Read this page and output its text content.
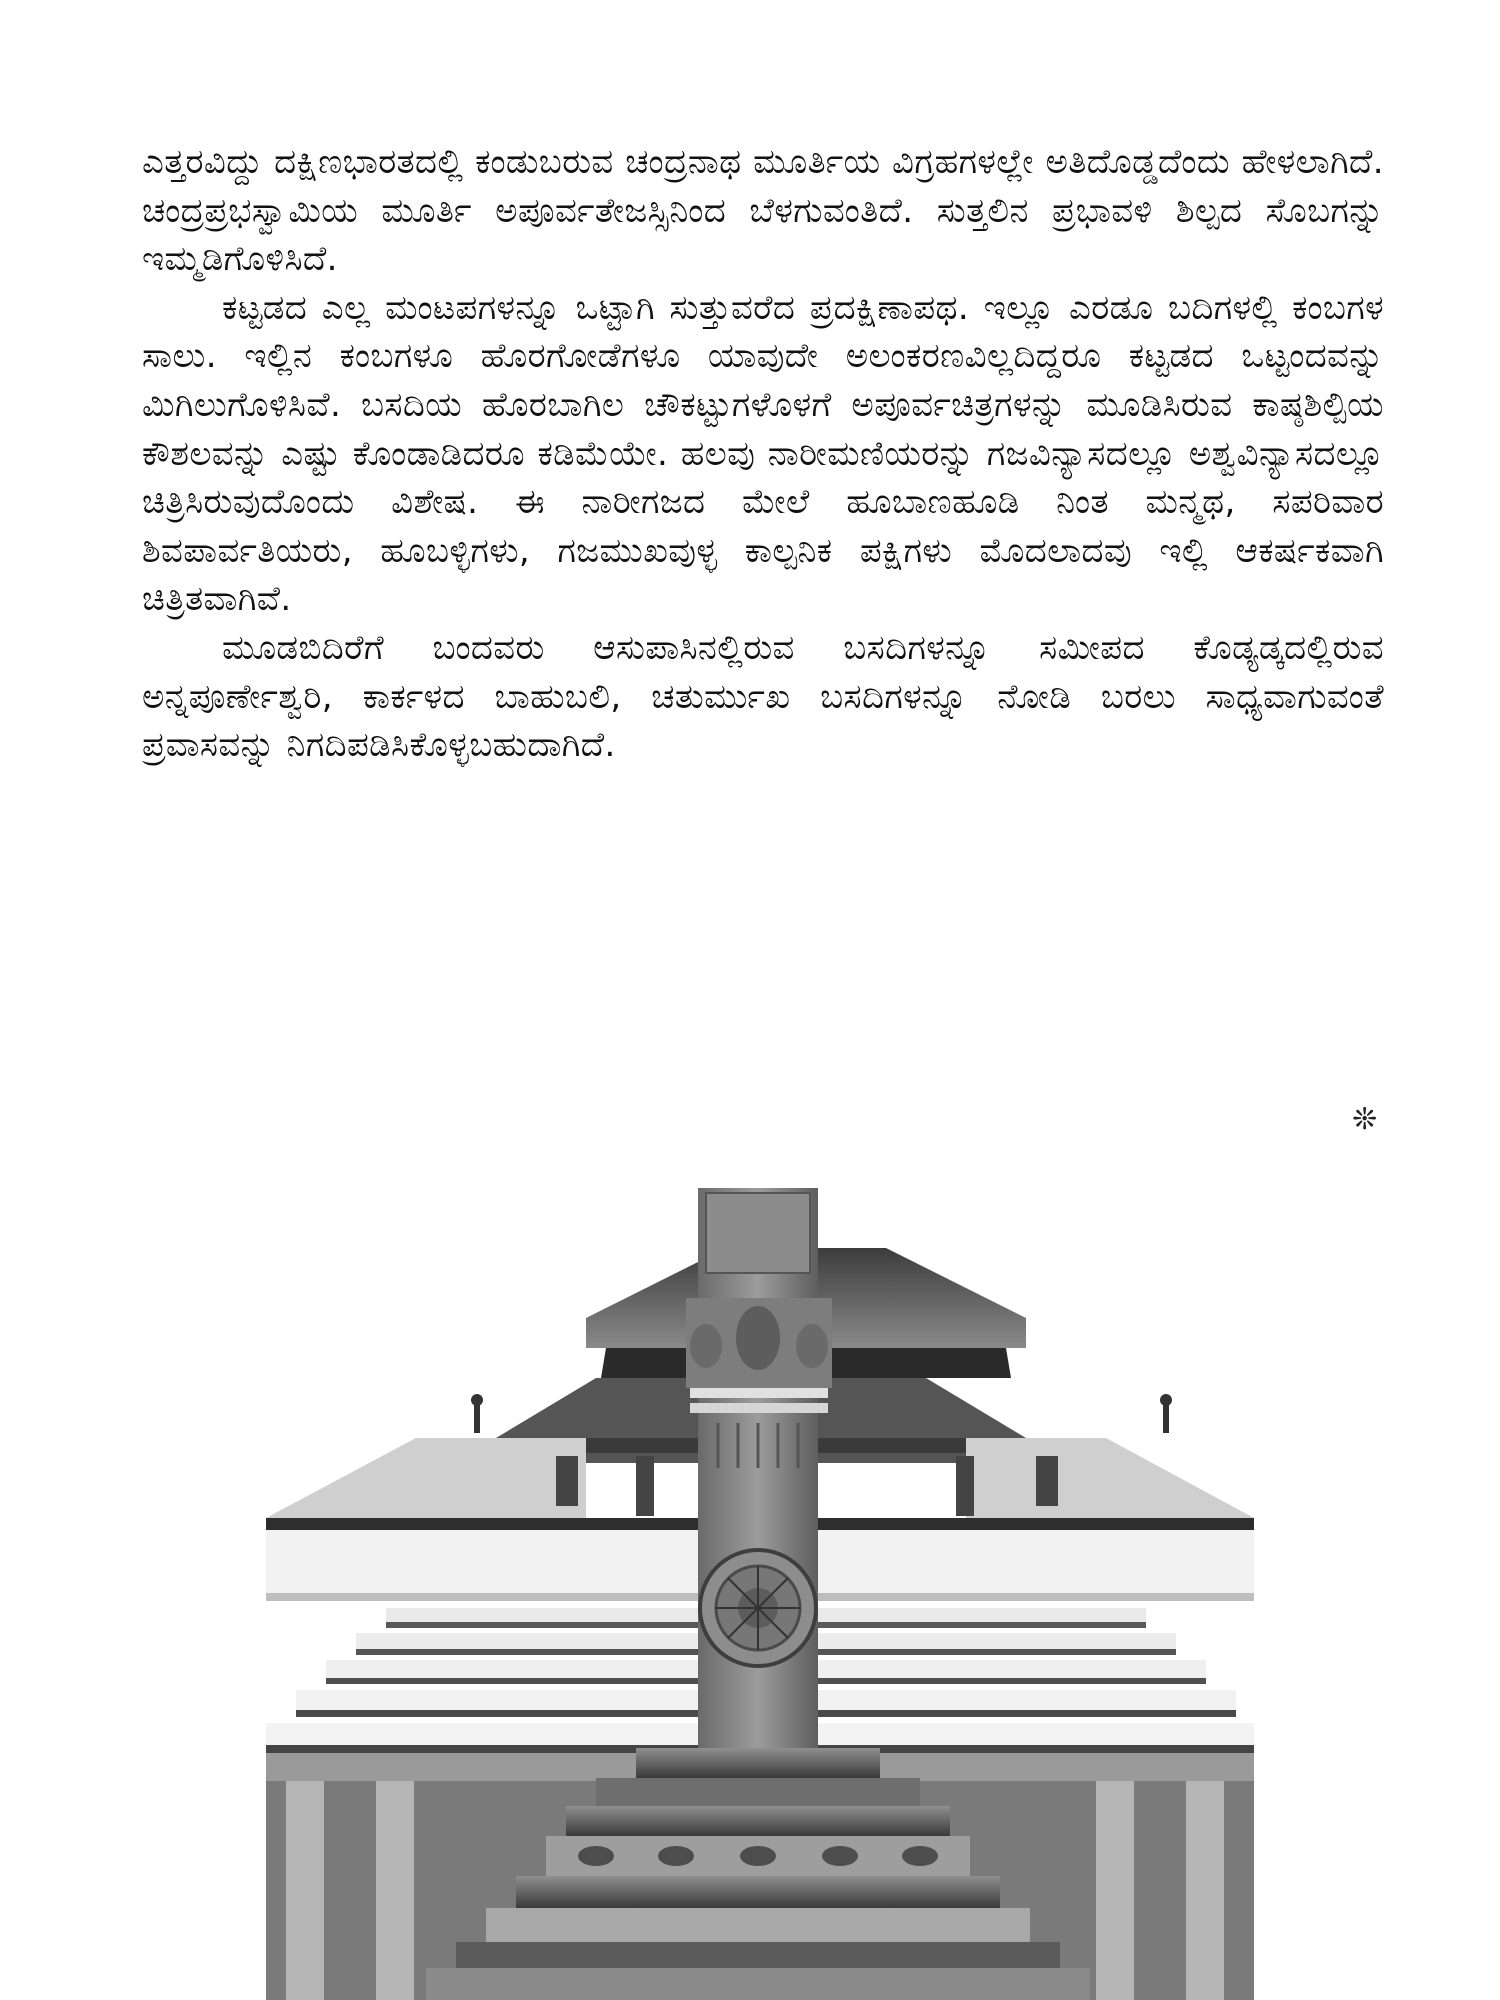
ಎತ್ತರವಿದ್ದು ದಕ್ಷಿಣಭಾರತದಲ್ಲಿ ಕಂಡುಬರುವ ಚಂದ್ರನಾಥ ಮೂರ್ತಿಯ ವಿಗ್ರಹಗಳಲ್ಲೇ ಅತಿದೊಡ್ಡದೆಂದು ಹೇಳಲಾಗಿದೆ. ಚಂದ್ರಪ್ರಭಸ್ವಾಮಿಯ ಮೂರ್ತಿ ಅಪೂರ್ವತೇಜಸ್ಸಿನಿಂದ ಬೆಳಗುವಂತಿದೆ. ಸುತ್ತಲಿನ ಪ್ರಭಾವಳಿ ಶಿಲ್ಪದ ಸೊಬಗನ್ನು ಇಮ್ಮಡಿಗೊಳಿಸಿದೆ.

ಕಟ್ಟಡದ ಎಲ್ಲ ಮಂಟಪಗಳನ್ನೂ ಒಟ್ಟಾಗಿ ಸುತ್ತುವರೆದ ಪ್ರದಕ್ಷಿಣಾಪಥ. ಇಲ್ಲೂ ಎರಡೂ ಬದಿಗಳಲ್ಲಿ ಕಂಬಗಳ ಸಾಲು. ಇಲ್ಲಿನ ಕಂಬಗಳೂ ಹೊರಗೋಡೆಗಳೂ ಯಾವುದೇ ಅಲಂಕರಣವಿಲ್ಲದಿದ್ದರೂ ಕಟ್ಟಡದ ಒಟ್ಟಂದವನ್ನು ಮಿಗಿಲುಗೊಳಿಸಿವೆ. ಬಸದಿಯ ಹೊರಬಾಗಿಲ ಚೌಕಟ್ಟುಗಳೊಳಗೆ ಅಪೂರ್ವಚಿತ್ರಗಳನ್ನು ಮೂಡಿಸಿರುವ ಕಾಷ್ಠಶಿಲ್ಪಿಯ ಕೌಶಲವನ್ನು ಎಷ್ಟು ಕೊಂಡಾಡಿದರೂ ಕಡಿಮೆಯೇ. ಹಲವು ನಾರೀಮಣಿಯರನ್ನು ಗಜವಿನ್ಯಾಸದಲ್ಲೂ ಅಶ್ವವಿನ್ಯಾಸದಲ್ಲೂ ಚಿತ್ರಿಸಿರುವುದೊಂದು ವಿಶೇಷ. ಈ ನಾರೀಗಜದ ಮೇಲೆ ಹೂಬಾಣಹೂಡಿ ನಿಂತ ಮನ್ಮಥ, ಸಪರಿವಾರ ಶಿವಪಾರ್ವತಿಯರು, ಹೂಬಳ್ಳಿಗಳು, ಗಜಮುಖವುಳ್ಳ ಕಾಲ್ಪನಿಕ ಪಕ್ಷಿಗಳು ಮೊದಲಾದವು ಇಲ್ಲಿ ಆಕರ್ಷಕವಾಗಿ ಚಿತ್ರಿತವಾಗಿವೆ.

ಮೂಡಬಿದಿರೆಗೆ ಬಂದವರು ಆಸುಪಾಸಿನಲ್ಲಿರುವ ಬಸದಿಗಳನ್ನೂ ಸಮೀಪದ ಕೊಡ್ಯಡ್ಕದಲ್ಲಿರುವ ಅನ್ನಪೂರ್ಣೇಶ್ವರಿ, ಕಾರ್ಕಳದ ಬಾಹುಬಲಿ, ಚತುರ್ಮುಖ ಬಸದಿಗಳನ್ನೂ ನೋಡಿ ಬರಲು ಸಾಧ್ಯವಾಗುವಂತೆ ಪ್ರವಾಸವನ್ನು ನಿಗದಿಪಡಿಸಿಕೊಳ್ಳಬಹುದಾಗಿದೆ.

❊
